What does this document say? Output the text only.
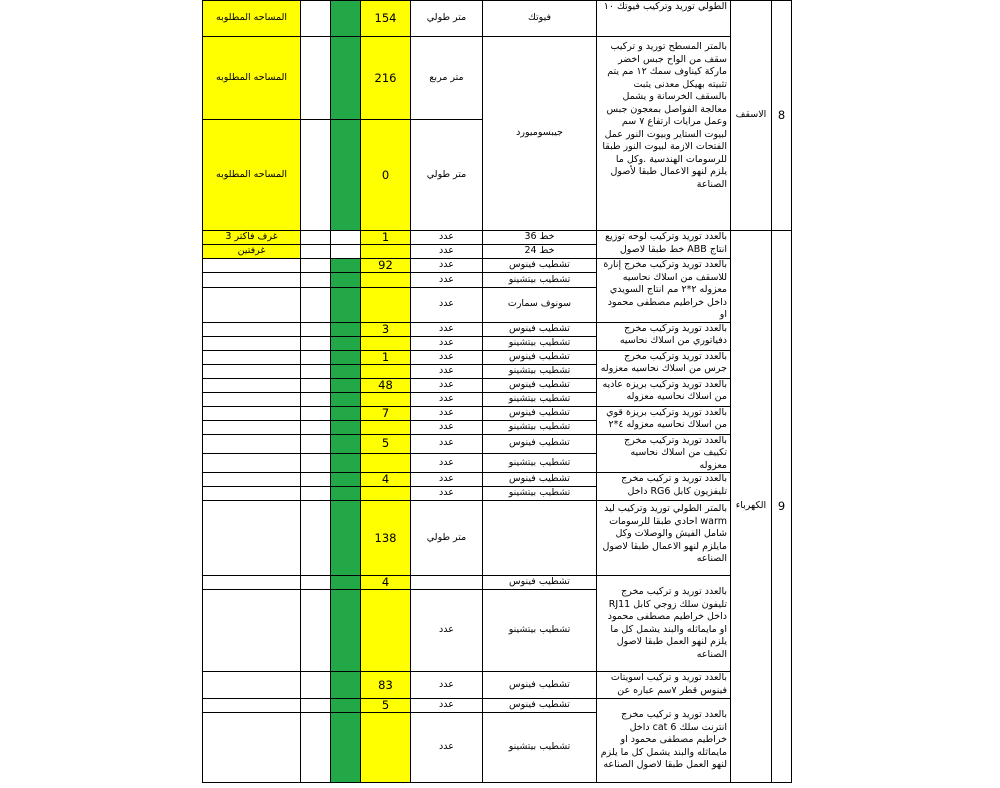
المساحه المطلوبه			154	متر طولي	فيوتك	الطولي توريد وتركيب فيوتك ١٠	الاسقف	8
المساحه المطلوبه			216	متر مربع	جيبسوميورد	بالمتر المسطح توريد و تركيب سقف من الواح جبس اخضر ماركة كيناوف سمك ١٢ مم يتم تثبيته بهيكل معدنى يثبت بالسقف الخرسانة و يشمل معالجة الفواصل بمعجون جبس وعمل مرايات ارتفاع ٧ سم لبيوت الستاير وبيوت النور عمل الفتحات الازمة لبيوت النور طبقا للرسومات الهندسية .وكل ما يلزم لنهو الاعمال طبقا لأصول الصناعة		
المساحه المطلوبه			0	متر طولي				
غرف فاكتر 3			1	عدد	خط 36	بالعدد توريد وتركيب لوحه توزيع انتاج ABB خط طبقا لاصول	الكهرباء	9
غرفتين				عدد	خط 24			
			92	عدد	تشطيب فينوس	بالعدد توريد وتركيب مخرج إنارة للاسقف من اسلاك نحاسيه معزوله ٢*٢ مم انتاج السويدي داخل خراطيم مصطفى محمود او		
				عدد	تشطيب بيتشينو			
				عدد	سونوف سمارت			
			3	عدد	تشطيب فينوس	بالعدد توريد وتركيب مخرج دفياتوري من اسلاك نحاسيه		
				عدد	تشطيب بيتشينو			
			1	عدد	تشطيب فينوس	بالعدد توريد وتركيب مخرج جرس من اسلاك نحاسيه معزوله		
				عدد	تشطيب بيتشينو			
			48	عدد	تشطيب فينوس	بالعدد توريد وتركيب بريزه عاديه من اسلاك نحاسيه معزوله		
				عدد	تشطيب بيتشينو			
			7	عدد	تشطيب فينوس	بالعدد توريد وتركيب بريزة قوي من اسلاك نحاسيه معزوله ٤*٢		
				عدد	تشطيب بيتشينو			
			5	عدد	تشطيب فينوس	بالعدد توريد وتركيب مخرج تكييف من اسلاك نحاسيه معزوله		
				عدد	تشطيب بيتشينو			
			4	عدد	تشطيب فينوس	بالعدد توريد و تركيب مخرج تليفزيون كابل RG6 داخل		
				عدد	تشطيب بيتشينو			
			138	متر طولي		بالمتر الطولي توريد وتركيب ليد warm احادي طبقا للرسومات شامل الفيش والوصلات وكل مايلزم لنهو الاعمال طبقا لاصول الصناعه		
			4		تشطيب فينوس	بالعدد توريد و تركيب مخرج تليفون سلك زوجي كابل RJ11 داخل خراطيم مصطفى محمود او مايماثله والبند يشمل كل ما يلزم لنهو العمل طبقا لاصول الصناعه		
				عدد	تشطيب بيتشينو			
			83	عدد	تشطيب فينوس	بالعدد توريد و تركيب اسويتات فينوس قطر ٧سم عباره عن		
			5	عدد	تشطيب فينوس	بالعدد توريد و تركيب مخرج انترنت سلك cat 6 داخل خراطيم مصطفى محمود او مايماثله والبند يشمل كل ما يلزم لنهو العمل طبقا لاصول الصناعه		
				عدد	تشطيب بيتشينو			
